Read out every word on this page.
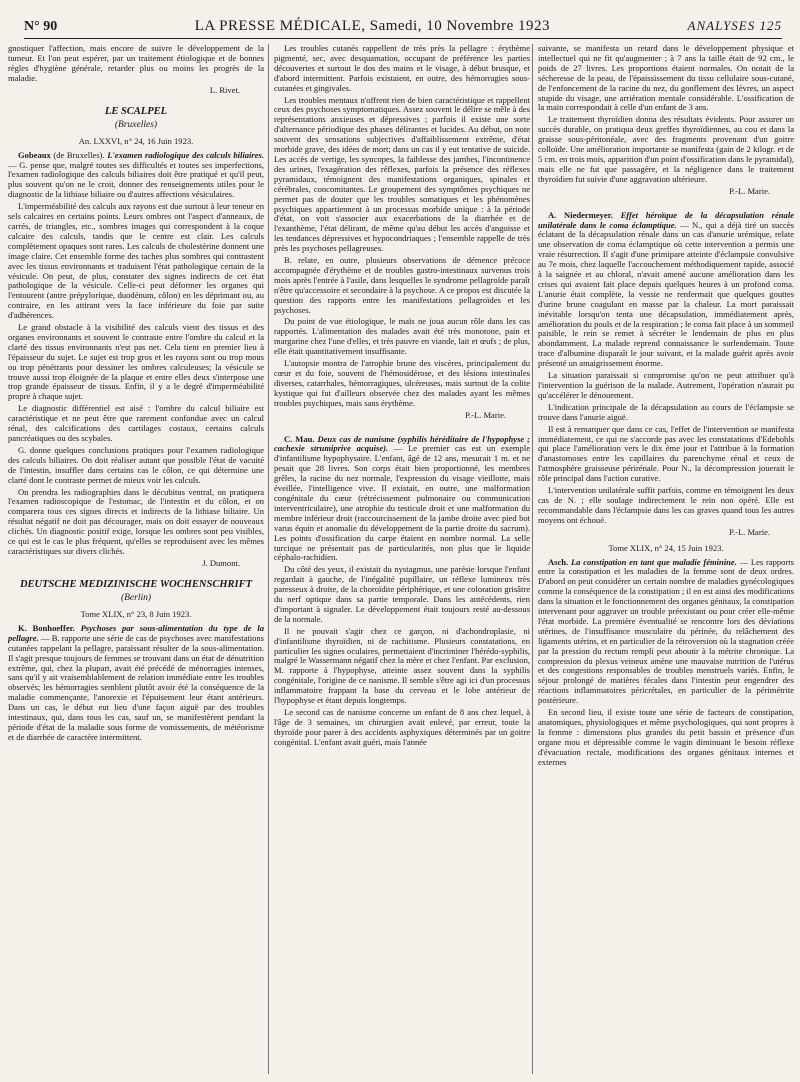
N° 90	LA PRESSE MÉDICALE, Samedi, 10 Novembre 1923	ANALYSES 125

gnostiquer l'affection, mais encore de suivre le développement de la tumeur. Et l'on peut espérer, par un traitement étiologique et de bonnes règles d'hygiène générale, retarder plus ou moins les progrès de la maladie.

L. Rivet.

LE SCALPEL
(Bruxelles)

An. LXXVI, n° 24, 16 Juin 1923.

Gobeaux (de Bruxelles). L'examen radiologique des calculs biliaires. — G. pense que, malgré toutes ses difficultés et toutes ses imperfections, l'examen radiologique des calculs biliaires doit être pratiqué et qu'il peut, plus souvent qu'on ne le croit, donner des renseignements utiles pour le diagnostic de la lithiase biliaire ou d'autres affections vésiculaires.

L'imperméabilité des calculs aux rayons est due surtout à leur teneur en sels calcaires en certains points. Leurs ombres ont l'aspect d'anneaux, de carrés, de triangles, etc., sombres images qui correspondent à la coque calcaire des calculs, tandis que le centre est clair. Les calculs complètement opaques sont rares. Les calculs de cholestérine donnent une image claire. Cet ensemble forme des taches plus sombres qui contrastent avec les tissus environnants et traduisent l'état pathologique certain de la vésicule. On peut, de plus, constater des signes indirects de cet état pathologique de la vésicule. Celle-ci peut déformer les organes qui l'entourent (antre prépylorique, duodénum, côlon) en les déprimant ou, au contraire, en les attirant vers la face inférieure du foie par suite d'adhérences.

Le grand obstacle à la visibilité des calculs vient des tissus et des organes environnants et souvent le contraste entre l'ombre du calcul et la clarté des tissus environnants n'est pas net. Cela tient en premier lieu à l'épaisseur du sujet. Le sujet est trop gros et les rayons sont ou trop mous ou trop pénétrants pour dessiner les ombres calculeuses; la vésicule se trouve aussi trop éloignée de la plaque et entre elles deux s'interpose une trop grande épaisseur de tissus. Enfin, il y a le degré d'imperméabilité propre à chaque sujet.

Le diagnostic différentiel est aisé : l'ombre du calcul biliaire est caractéristique et ne peut être que rarement confondue avec un calcul rénal, des calcifications des cartilages costaux, certains calculs pancréatiques ou des scybales.

G. donne quelques conclusions pratiques pour l'examen radiologique des calculs biliaires. On doit réaliser autant que possible l'état de vacuité de l'intestin, insuffler dans certains cas le côlon, ce qui détermine une clarté dont le contraste permet de mieux voir les calculs.

On prendra les radiographies dans le décubitus ventral, on pratiquera l'examen radioscopique de l'estomac, de l'intestin et du côlon, et on comparera tous ces signes directs et indirects de la lithiase biliaire. Un résultat négatif ne doit pas décourager, mais on doit essayer de nouveaux clichés. Un diagnostic positif exige, lorsque les ombres sont peu visibles, ce qui est le cas le plus fréquent, qu'elles se reproduisent avec les mêmes caractéristiques sur divers clichés.

J. Dumont.

DEUTSCHE MEDIZINISCHE WOCHENSCHRIFT
(Berlin)

Tome XLIX, n° 23, 8 Juin 1923.

K. Bonhoeffer. Psychoses par sous-alimentation du type de la pellagre. — B. rapporte une série de cas de psychoses avec manifestations cutanées rappelant la pellagre, paraissant résulter de la sous-alimentation. Il s'agit presque toujours de femmes se trouvant dans un état de dénutrition extrême, qui, chez la plupart, avait été précédé de ménorragies intenses, sans qu'il y ait vraisemblablement de relation immédiate entre les troubles observés; les hémorragies semblent plutôt avoir été la conséquence de la maladie commençante, l'anorexie et l'épuisement leur étant antérieurs. Dans un cas, le début eut lieu d'une façon aiguë par des troubles intestinaux, qui, dans tous les cas, sauf un, se manifestèrent pendant la période d'état de la maladie sous forme de vomissements, de météorisme et de diarrhée de caractère intermittent.

Les troubles cutanés rappellent de très près la pellagre : érythème pigmenté, sec, avec desquamation, occupant de préférence les parties découvertes et surtout le dos des mains et le visage, à début brusque, et d'abord intermittent. Parfois existaient, en outre, des hémorragies sous-cutanées et gingivales.

Les troubles mentaux n'offrent rien de bien caractéristique et rappellent ceux des psychoses symptomatiques. Assez souvent le délire se mêle à des représentations anxieuses et dépressives ; parfois il existe une sorte d'alternance périodique des phases délirantes et lucides. Au début, on note souvent des sensations subjectives d'affaiblissement extrême, d'état morbide grave, des idées de mort; dans un cas il y eut tentative de suicide. Les accès de vertige, les syncopes, la faiblesse des jambes, l'incontinence des urines, l'exagération des réflexes, parfois la présence des réflexes pyramidaux, témoignent des manifestations organiques, spinales et cérébrales, concomitantes. Le groupement des symptômes psychiques ne permet pas de douter que les troubles somatiques et les phénomènes psychiques appartiennent à un processus morbide unique : à la période d'état, on voit s'associer aux exacerbations de la diarrhée et de l'exanthème, l'état délirant, de même qu'au début les accès d'angoisse et les tendances dépressives et hypocondriaques ; l'ensemble rappelle de très près les psychoses pellagreuses.

B. relate, en outre, plusieurs observations de démence précoce accompagnée d'érythème et de troubles gastro-intestinaux survenus trois mois après l'entrée à l'asile, dans lesquelles le syndrome pellagroïde paraît n'être qu'accessoire et secondaire à la psychose. A ce propos est discutée la question des rapports entre les manifestations pellagroïdes et les psychoses.

Du point de vue étiologique, le maïs ne joua aucun rôle dans les cas rapportés. L'alimentation des malades avait été très monotone, pain et margarine chez l'une d'elles, et très pauvre en viande, lait et œufs ; de plus, elle était quantitativement insuffisante.

L'autopsie montra de l'atrophie brune des viscères, principalement du cœur et du foie, souvent de l'hémosidérose, et des lésions intestinales diverses, catarrhales, hémorragiques, ulcéreuses, mais surtout de la colite kystique qui fut d'ailleurs observée chez des malades ayant les mêmes troubles psychiques, mais sans érythème.

P.-L. Marie.

C. Mau. Deux cas de nanisme (syphilis héréditaire de l'hypophyse ; cachexie strumiprive acquise). — Le premier cas est un exemple d'infantilisme hypophysaire. L'enfant, âgé de 12 ans, mesurait 1 m. et ne pesait que 28 livres. Son corps était bien proportionné, les membres grêles, la racine du nez normale, l'expression du visage vieillotte, mais éveillée, l'intelligence vive. Il existait, en outre, une malformation congénitale du cœur (rétrécissement pulmonaire ou communication interventriculaire), une atrophie du testicule droit et une malformation du membre inférieur droit (raccourcissement de la jambe droite avec pied bot varus équin et anomalie du développement de la partie droite du sacrum). Les points d'ossification du carpe étaient en nombre normal. La selle turcique ne présentait pas de particularités, non plus que le liquide céphalo-rachidien.

Du côté des yeux, il existait du nystagmus, une parésie lorsque l'enfant regardait à gauche, de l'inégalité pupillaire, un réflexe lumineux très paresseux à droite, de la choroïdite périphérique, et une coloration grisâtre du nerf optique dans sa partie temporale. Dans les antécédents, rien d'important à signaler. Le développement était toujours resté au-dessous de la normale.

Il ne pouvait s'agir chez ce garçon, ni d'achondroplasie, ni d'infantilisme thyroïdien, ni de rachitisme. Plusieurs constatations, en particulier les signes oculaires, permettaient d'incriminer l'hérédo-syphilis, malgré le Wassermann négatif chez la mère et chez l'enfant. Par exclusion, M. rapporte à l'hypophyse, atteinte assez souvent dans la syphilis congénitale, l'origine de ce nanisme. Il semble s'être agi ici d'un processus inflammatoire frappant la base du cerveau et le lobe antérieur de l'hypophyse et étant depuis longtemps.

Le second cas de nanisme concerne un enfant de 8 ans chez lequel, à l'âge de 3 semaines, un chirurgien avait enlevé, par erreur, toute la thyroïde pour parer à des accidents asphyxiques déterminés par un goitre congénital. L'enfant avait guéri, mais l'année

suivante, se manifesta un retard dans le développement physique et intellectuel qui ne fit qu'augmenter ; à 7 ans la taille était de 92 cm., le poids de 27 livres. Les proportions étaient normales. On notait de la sécheresse de la peau, de l'épaississement du tissu cellulaire sous-cutané, de l'enfoncement de la racine du nez, du gonflement des lèvres, un aspect stupide du visage, une arriération mentale considérable. L'ossification de la main correspondait à celle d'un enfant de 3 ans.

Le traitement thyroïdien donna des résultats évidents. Pour assurer un succès durable, on pratiqua deux greffes thyroïdiennes, au cou et dans la graisse sous-péritonéale, avec des fragments provenant d'un goitre colloïde. Une amélioration importante se manifesta (gain de 2 kilogr. et de 5 cm. en trois mois, apparition d'un point d'ossification dans le pyramidal), mais elle ne fut que passagère, et la négligence dans le traitement thyroïdien fut suivie d'une aggravation ultérieure.

P.-L. Marie.

A. Niedermeyer. Effet héroïque de la décapsulation rénale unilatérale dans le coma éclamptique. — N., qui a déjà tiré un succès éclatant de la décapsulation rénale dans un cas d'anurie urémique, relate une observation de coma éclamptique où cette intervention a permis une vraie résurrection. Il s'agit d'une primipare atteinte d'éclampsie convulsive au 7e mois, chez laquelle l'accouchement méthodiquement rapide, associé à la saignée et au chloral, n'avait amené aucune amélioration dans les crises qui avaient fait place depuis quelques heures à un profond coma. L'anurie était complète, la vessie ne renfermait que quelques gouttes d'urine brune coagulant en masse par la chaleur. La mort paraissait inévitable lorsqu'on tenta une décapsulation, immédiatement après, amélioration du pouls et de la respiration ; le coma fait place à un sommeil paisible, le rein se remet à sécréter le lendemain de plus en plus abondamment. La malade reprend connaissance le surlendemain. Toute trace d'albumine disparaît le jour suivant, et la malade guérit après avoir présenté un amaigrissement énorme.

La situation paraissait si compromise qu'on ne peut attribuer qu'à l'intervention la guérison de la malade. Autrement, l'opération n'aurait pu qu'accélérer le dénouement.

L'indication principale de la décapsulation au cours de l'éclampsie se trouve dans l'anurie aiguë.

Il est à remarquer que dans ce cas, l'effet de l'intervention se manifesta immédiatement, ce qui ne s'accorde pas avec les constatations d'Edebohls qui place l'amélioration vers le dix ème jour et l'attribue à la formation d'anastomoses entre les capillaires du parenchyme rénal et ceux de l'atmosphère graisseuse périrénale. Pour N., la décompression jouerait le rôle principal dans l'action curative.

L'intervention unilatérale suffit parfois, comme en témoignent les deux cas de N. ; elle soulage indirectement le rein non opéré. Elle est recommandable dans l'éclampsie dans les cas graves quand tous les autres moyens ont échoué.

P.-L. Marie.

Tome XLIX, n° 24, 15 Juin 1923.

Asch. La constipation en tant que maladie féminine. — Les rapports entre la constipation et les maladies de la femme sont de deux ordres. D'abord on peut considérer un certain nombre de maladies gynécologiques comme la conséquence de la constipation ; il en est ainsi des modifications dans la situation et le fonctionnement des organes génitaux, la constipation intervenant pour aggraver un trouble préexistant ou pour créer elle-même l'état morbide. La première éventualité se rencontre lors des déviations utérines, de l'insuffisance musculaire du périnée, du relâchement des ligaments utérins, et en particulier de la rétroversion où la stagnation créée par la pression du rectum rempli peut aboutir à la métrite chronique. La compression du plexus veineux amène une mauvaise nutrition de l'utérus et des congestions responsables de troubles menstruels variés. Enfin, le séjour prolongé de matières fécales dans l'intestin peut engendrer des réactions inflammatoires péricrétales, en particulier de la périmétrite postérieure.

En second lieu, il existe toute une série de facteurs de constipation, anatomiques, physiologiques et même psychologiques, qui sont propres à la femme : dimensions plus grandes du petit bassin et présence d'un organe mou et dépressible comme le vagin diminuant le besoin réflexe d'évacuation rectale, modifications des organes génitaux internes et externes
